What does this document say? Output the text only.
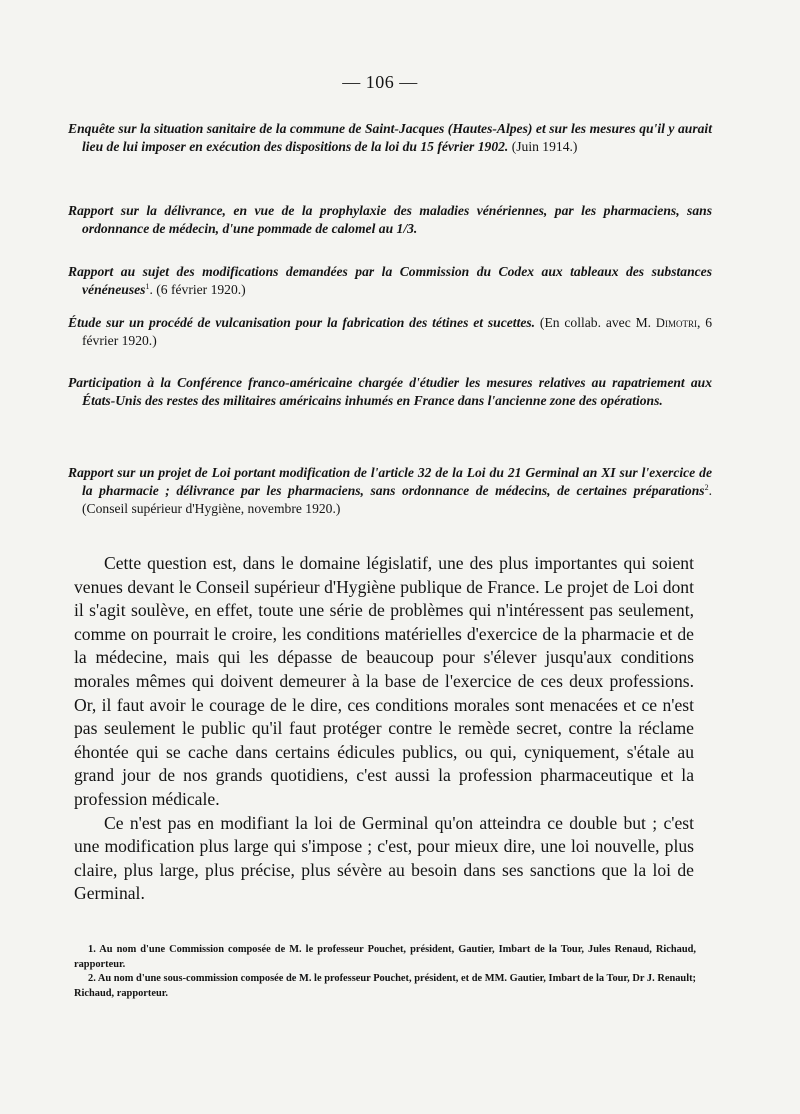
— 106 —
Enquête sur la situation sanitaire de la commune de Saint-Jacques (Hautes-Alpes) et sur les mesures qu'il y aurait lieu de lui imposer en exécution des dispositions de la loi du 15 février 1902. (Juin 1914.)
Rapport sur la délivrance, en vue de la prophylaxie des maladies vénériennes, par les pharmaciens, sans ordonnance de médecin, d'une pommade de calomel au 1/3.
Rapport au sujet des modifications demandées par la Commission du Codex aux tableaux des substances vénéneuses$^1$. (6 février 1920.)
Étude sur un procédé de vulcanisation pour la fabrication des tétines et sucettes. (En collab. avec M. Dimotri, 6 février 1920.)
Participation à la Conférence franco-américaine chargée d'étudier les mesures relatives au rapatriement aux États-Unis des restes des militaires américains inhumés en France dans l'ancienne zone des opérations.
Rapport sur un projet de Loi portant modification de l'article 32 de la Loi du 21 Germinal an XI sur l'exercice de la pharmacie ; délivrance par les pharmaciens, sans ordonnance de médecins, de certaines préparations$^2$. (Conseil supérieur d'Hygiène, novembre 1920.)

Cette question est, dans le domaine législatif, une des plus importantes qui soient venues devant le Conseil supérieur d'Hygiène publique de France. Le projet de Loi dont il s'agit soulève, en effet, toute une série de problèmes qui n'intéressent pas seulement, comme on pourrait le croire, les conditions matérielles d'exercice de la pharmacie et de la médecine, mais qui les dépasse de beaucoup pour s'élever jusqu'aux conditions morales mêmes qui doivent demeurer à la base de l'exercice de ces deux professions. Or, il faut avoir le courage de le dire, ces conditions morales sont menacées et ce n'est pas seulement le public qu'il faut protéger contre le remède secret, contre la réclame éhontée qui se cache dans certains édicules publics, ou qui, cyniquement, s'étale au grand jour de nos grands quotidiens, c'est aussi la profession pharmaceutique et la profession médicale.

Ce n'est pas en modifiant la loi de Germinal qu'on atteindra ce double but ; c'est une modification plus large qui s'impose ; c'est, pour mieux dire, une loi nouvelle, plus claire, plus large, plus précise, plus sévère au besoin dans ses sanctions que la loi de Germinal.

1. Au nom d'une Commission composée de M. le professeur Pouchet, président, Gautier, Imbart de la Tour, Jules Renaud, Richaud, rapporteur.

2. Au nom d'une sous-commission composée de M. le professeur Pouchet, président, et de MM. Gautier, Imbart de la Tour, Dr J. Renault; Richaud, rapporteur.
